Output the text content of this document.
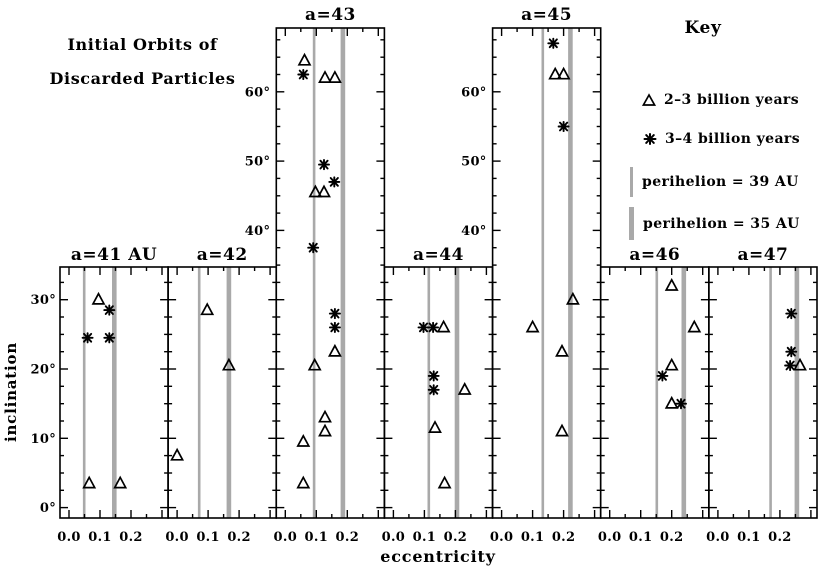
0.0 0.1 0.2
0°
10°
20°
30°
a=41 AU
0.0 0.1 0.2
a=42
0.0 0.1 0.2
40°
50°
60°
a=43
0.0 0.1 0.2
a=44
0.0 0.1 0.2
40°
50°
60°
a=45
0.0 0.1 0.2
a=46
0.0 0.1 0.2
a=47
eccentricity
inclination
Initial Orbits of
Discarded Particles
Key
2–3 billion years
3–4 billion years
perihelion = 39 AU
perihelion = 35 AU
